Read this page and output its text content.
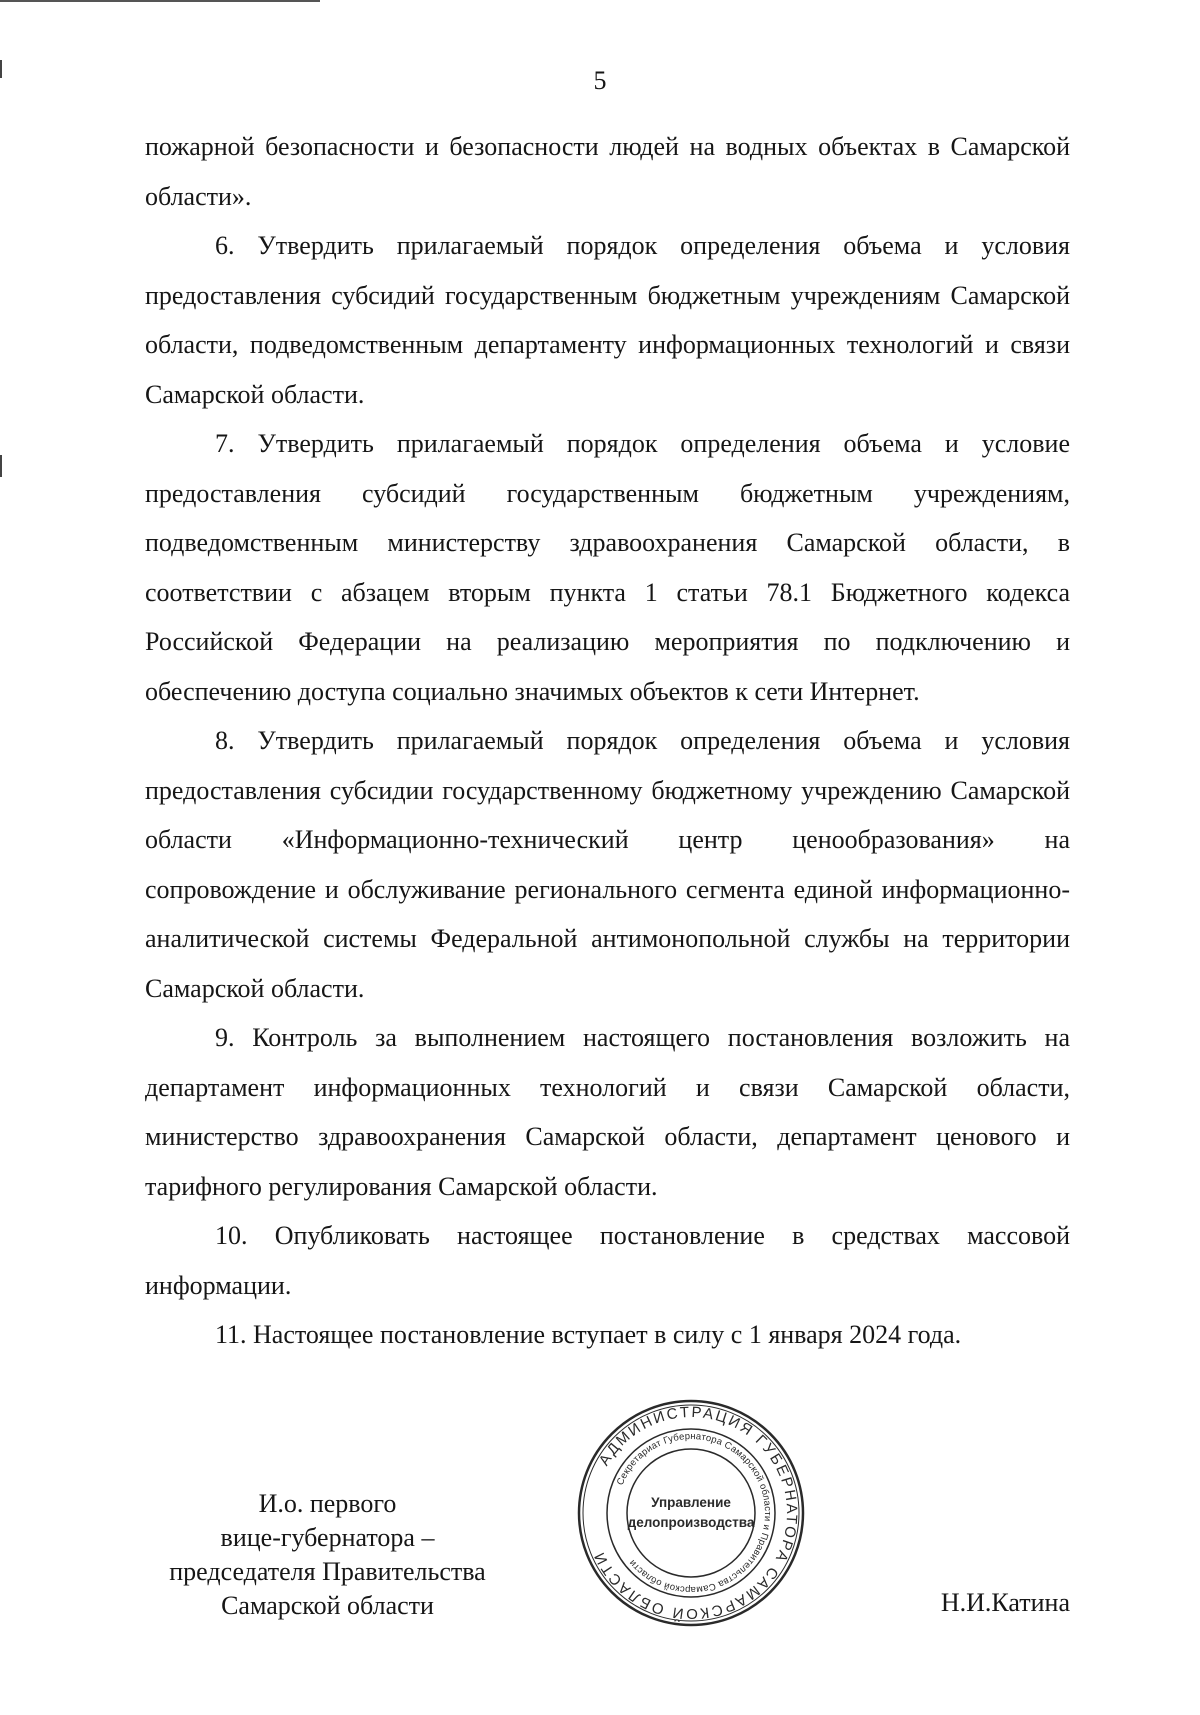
5

пожарной безопасности и безопасности людей на водных объектах в Самарской области».

6. Утвердить прилагаемый порядок определения объема и условия предоставления субсидий государственным бюджетным учреждениям Самарской области, подведомственным департаменту информационных технологий и связи Самарской области.

7. Утвердить прилагаемый порядок определения объема и условие предоставления субсидий государственным бюджетным учреждениям, подведомственным министерству здравоохранения Самарской области, в соответствии с абзацем вторым пункта 1 статьи 78.1 Бюджетного кодекса Российской Федерации на реализацию мероприятия по подключению и обеспечению доступа социально значимых объектов к сети Интернет.

8. Утвердить прилагаемый порядок определения объема и условия предоставления субсидии государственному бюджетному учреждению Самарской области «Информационно-технический центр ценообразования» на сопровождение и обслуживание регионального сегмента единой информационно-аналитической системы Федеральной антимонопольной службы на территории Самарской области.

9. Контроль за выполнением настоящего постановления возложить на департамент информационных технологий и связи Самарской области, министерство здравоохранения Самарской области, департамент ценового и тарифного регулирования Самарской области.

10. Опубликовать настоящее постановление в средствах массовой информации.

11. Настоящее постановление вступает в силу с 1 января 2024 года.

И.о. первого
вице-губернатора –
председателя Правительства
Самарской области
АДМИНИСТРАЦИЯ ГУБЕРНАТОРА САМАРСКОЙ ОБЛАСТИ
Секретариат Губернатора Самарской области и Правительства Самарской области
Управление
делопроизводства
Н.И.Катина
